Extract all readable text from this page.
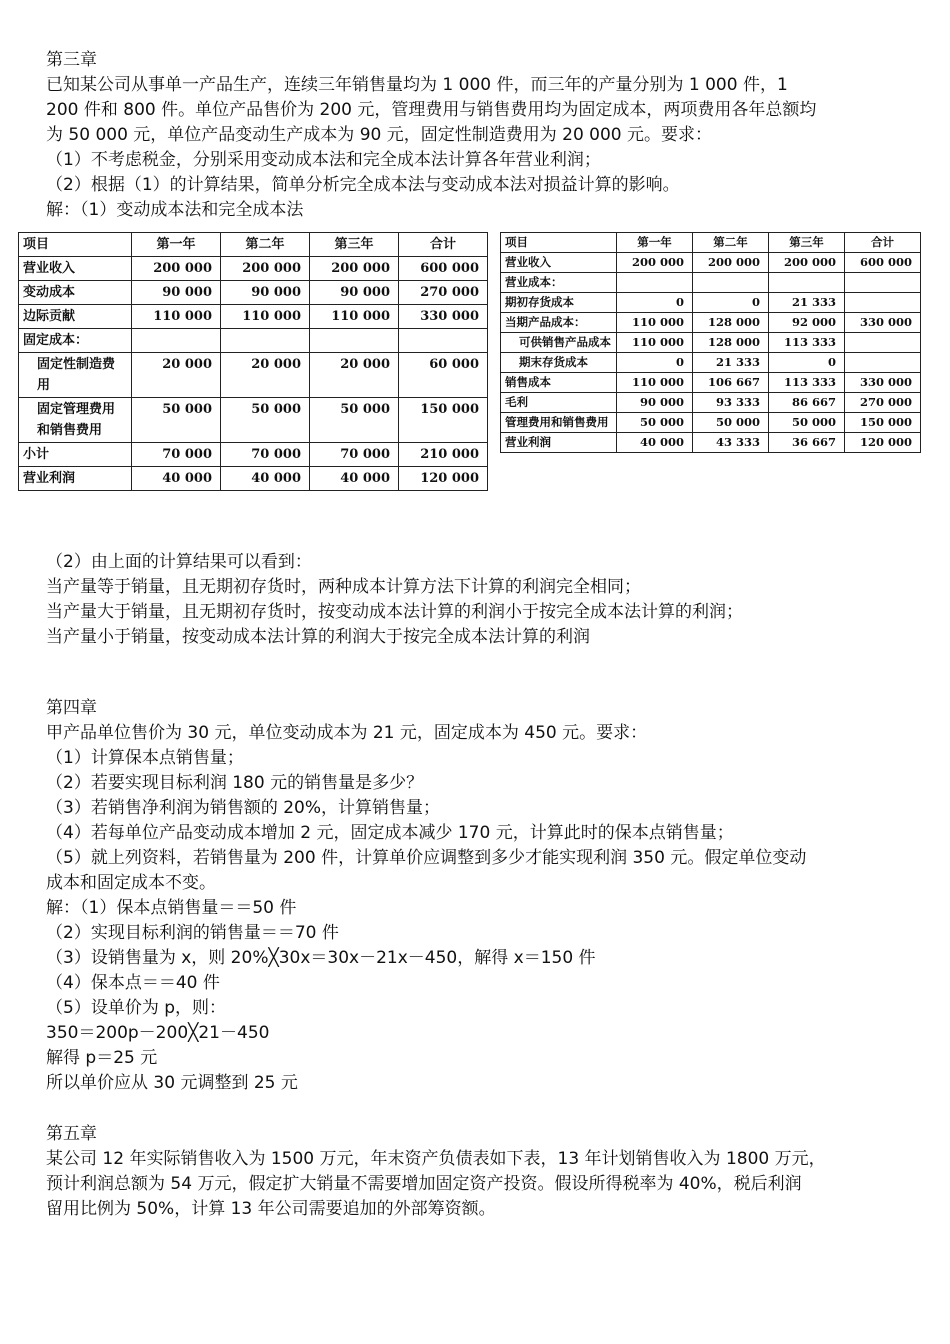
第三章
已知某公司从事单一产品生产，连续三年销售量均为 1 000 件，而三年的产量分别为 1 000 件，1
200 件和 800 件。单位产品售价为 200 元，管理费用与销售费用均为固定成本，两项费用各年总额均
为 50 000 元，单位产品变动生产成本为 90 元，固定性制造费用为 20 000 元。要求：
（1）不考虑税金，分别采用变动成本法和完全成本法计算各年营业利润；
（2）根据（1）的计算结果，简单分析完全成本法与变动成本法对损益计算的影响。
解：（1）变动成本法和完全成本法
项目	第一年	第二年	第三年	合计
营业收入	200 000	200 000	200 000	600 000
变动成本	90 000	90 000	90 000	270 000
边际贡献	110 000	110 000	110 000	330 000
固定成本：				
固定性制造费用	20 000	20 000	20 000	60 000
固定管理费用和销售费用	50 000	50 000	50 000	150 000
小计	70 000	70 000	70 000	210 000
营业利润	40 000	40 000	40 000	120 000
项目	第一年	第二年	第三年	合计
营业收入	200 000	200 000	200 000	600 000
营业成本：				
期初存货成本	0	0	21 333	
当期产品成本：	110 000	128 000	92 000	330 000
可供销售产品成本	110 000	128 000	113 333	
期末存货成本	0	21 333	0	
销售成本	110 000	106 667	113 333	330 000
毛利	90 000	93 333	86 667	270 000
管理费用和销售费用	50 000	50 000	50 000	150 000
营业利润	40 000	43 333	36 667	120 000
（2）由上面的计算结果可以看到：
当产量等于销量，且无期初存货时，两种成本计算方法下计算的利润完全相同；
当产量大于销量，且无期初存货时，按变动成本法计算的利润小于按完全成本法计算的利润；
当产量小于销量，按变动成本法计算的利润大于按完全成本法计算的利润
第四章
甲产品单位售价为 30 元，单位变动成本为 21 元，固定成本为 450 元。要求：
（1）计算保本点销售量；
（2）若要实现目标利润 180 元的销售量是多少？
（3）若销售净利润为销售额的 20%，计算销售量；
（4）若每单位产品变动成本增加 2 元，固定成本减少 170 元，计算此时的保本点销售量；
（5）就上列资料，若销售量为 200 件，计算单价应调整到多少才能实现利润 350 元。假定单位变动
成本和固定成本不变。
解：（1）保本点销售量＝＝50 件
（2）实现目标利润的销售量＝＝70 件
（3）设销售量为 x，则 20%╳30x＝30x－21x－450，解得 x＝150 件
（4）保本点＝＝40 件
（5）设单价为 p，则：
350＝200p－200╳21－450
解得 p＝25 元
所以单价应从 30 元调整到 25 元
第五章
某公司 12 年实际销售收入为 1500 万元，年末资产负债表如下表，13 年计划销售收入为 1800 万元，
预计利润总额为 54 万元，假定扩大销量不需要增加固定资产投资。假设所得税率为 40%，税后利润
留用比例为 50%，计算 13 年公司需要追加的外部筹资额。
